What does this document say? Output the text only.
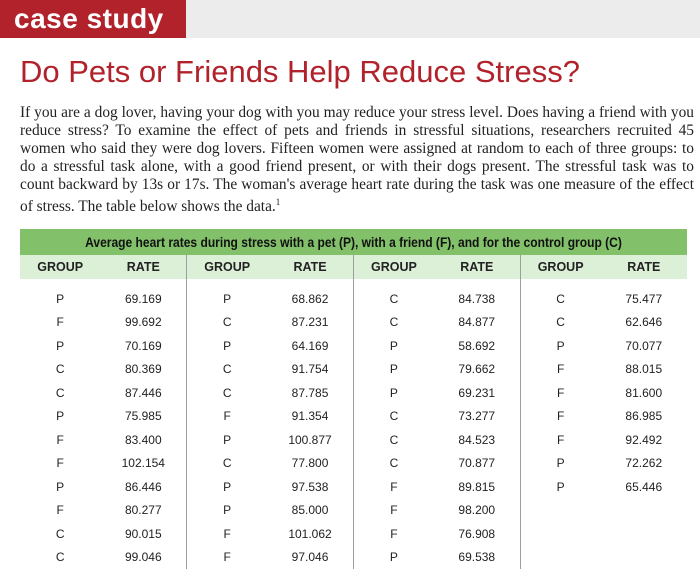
case study
Do Pets or Friends Help Reduce Stress?

If you are a dog lover, having your dog with you may reduce your stress level. Does having a friend with you reduce stress? To examine the effect of pets and friends in stressful situations, researchers recruited 45 women who said they were dog lovers. Fifteen women were assigned at random to each of three groups: to do a stressful task alone, with a good friend present, or with their dogs present. The stressful task was to count backward by 13s or 17s. The woman's average heart rate during the task was one measure of the effect of stress. The table below shows the data.$^1$

Average heart rates during stress with a pet (P), with a friend (F), and for the control group (C)
GROUP	RATE	GROUP	RATE	GROUP	RATE	GROUP	RATE
P	69.169	P	68.862	C	84.738	C	75.477
F	99.692	C	87.231	C	84.877	C	62.646
P	70.169	P	64.169	P	58.692	P	70.077
C	80.369	C	91.754	P	79.662	F	88.015
C	87.446	C	87.785	P	69.231	F	81.600
P	75.985	F	91.354	C	73.277	F	86.985
F	83.400	P	100.877	C	84.523	F	92.492
F	102.154	C	77.800	C	70.877	P	72.262
P	86.446	P	97.538	F	89.815	P	65.446
F	80.277	P	85.000	F	98.200		
C	90.015	F	101.062	F	76.908		
C	99.046	F	97.046	P	69.538		
